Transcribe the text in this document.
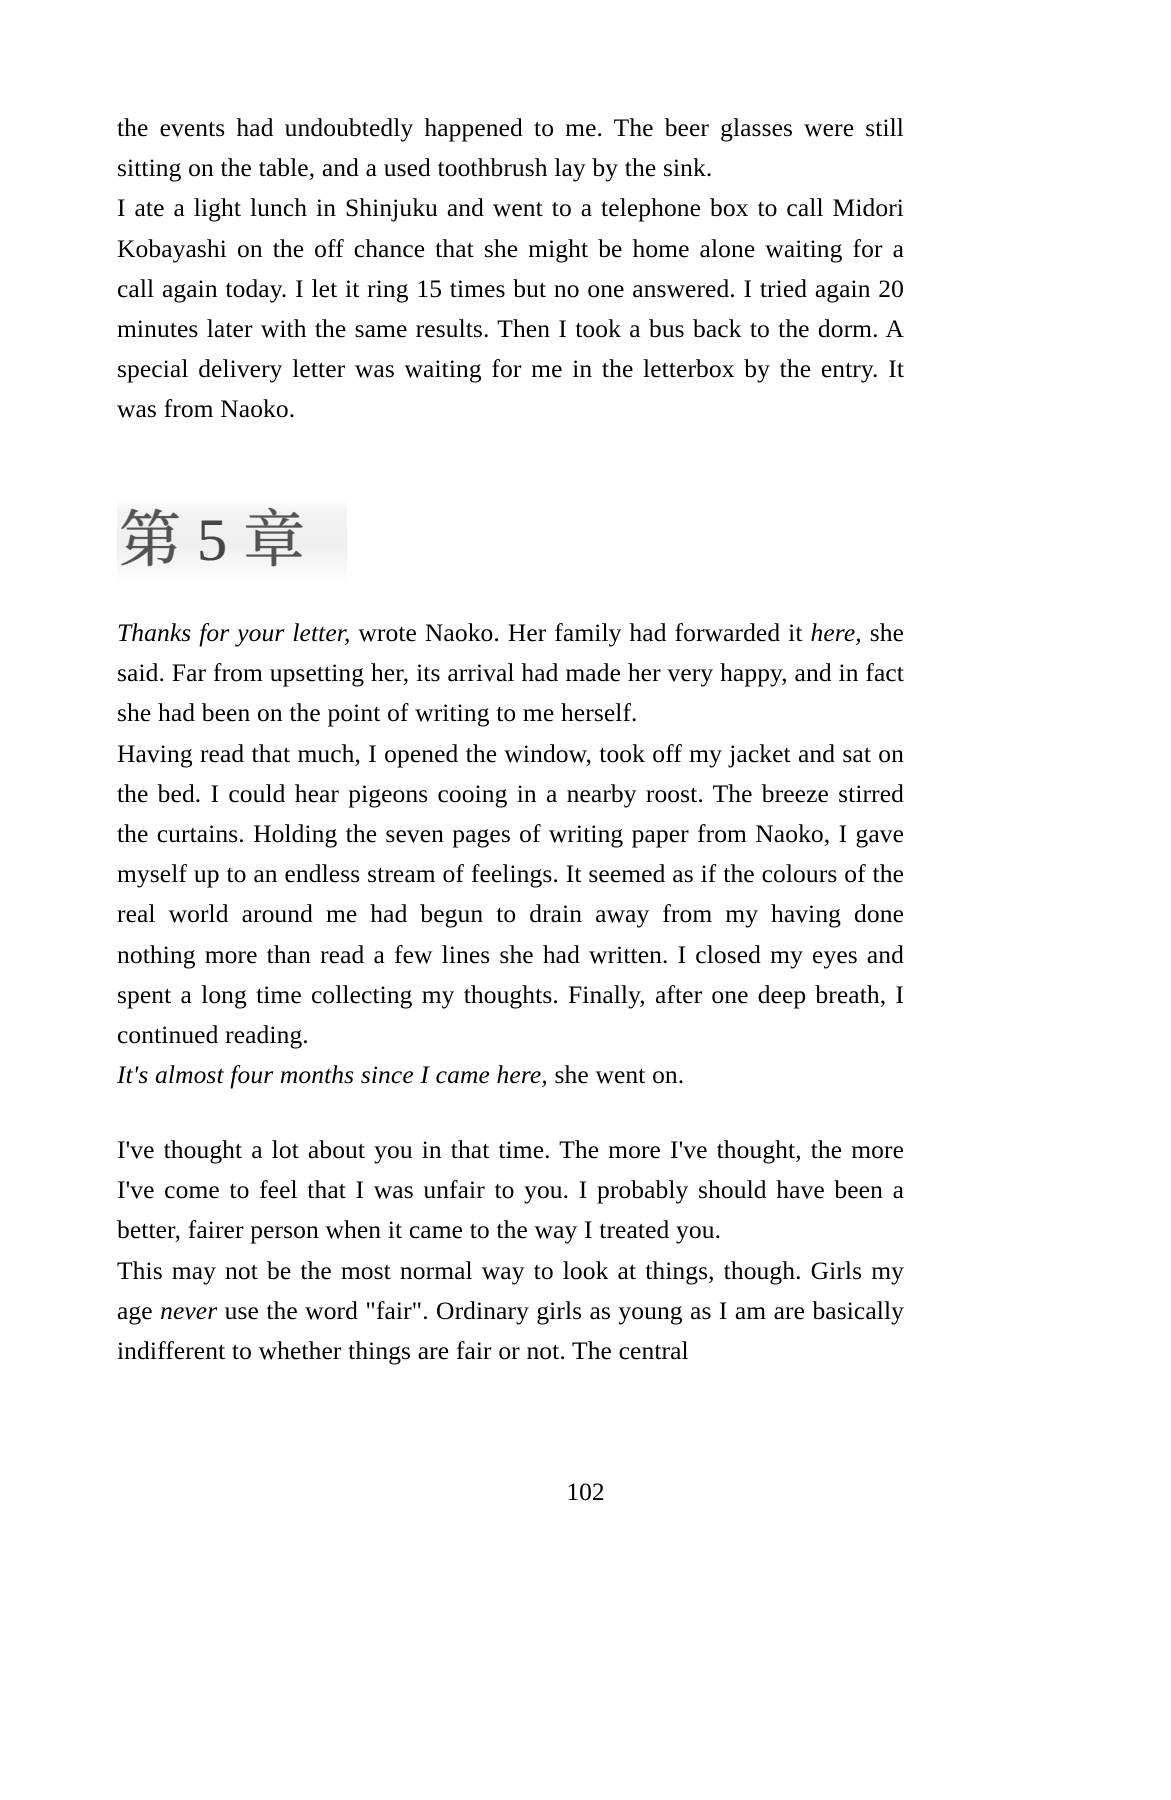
the events had undoubtedly happened to me. The beer glasses were still sitting on the table, and a used toothbrush lay by the sink.

I ate a light lunch in Shinjuku and went to a telephone box to call Midori Kobayashi on the off chance that she might be home alone waiting for a call again today. I let it ring 15 times but no one answered. I tried again 20 minutes later with the same results. Then I took a bus back to the dorm. A special delivery letter was waiting for me in the letterbox by the entry. It was from Naoko.

第 5 章

Thanks for your letter, wrote Naoko. Her family had forwarded it here, she said. Far from upsetting her, its arrival had made her very happy, and in fact she had been on the point of writing to me herself.

Having read that much, I opened the window, took off my jacket and sat on the bed. I could hear pigeons cooing in a nearby roost. The breeze stirred the curtains. Holding the seven pages of writing paper from Naoko, I gave myself up to an endless stream of feelings. It seemed as if the colours of the real world around me had begun to drain away from my having done nothing more than read a few lines she had written. I closed my eyes and spent a long time collecting my thoughts. Finally, after one deep breath, I continued reading.

It's almost four months since I came here, she went on.

I've thought a lot about you in that time. The more I've thought, the more I've come to feel that I was unfair to you. I probably should have been a better, fairer person when it came to the way I treated you.

This may not be the most normal way to look at things, though. Girls my age never use the word "fair". Ordinary girls as young as I am are basically indifferent to whether things are fair or not. The central

102
